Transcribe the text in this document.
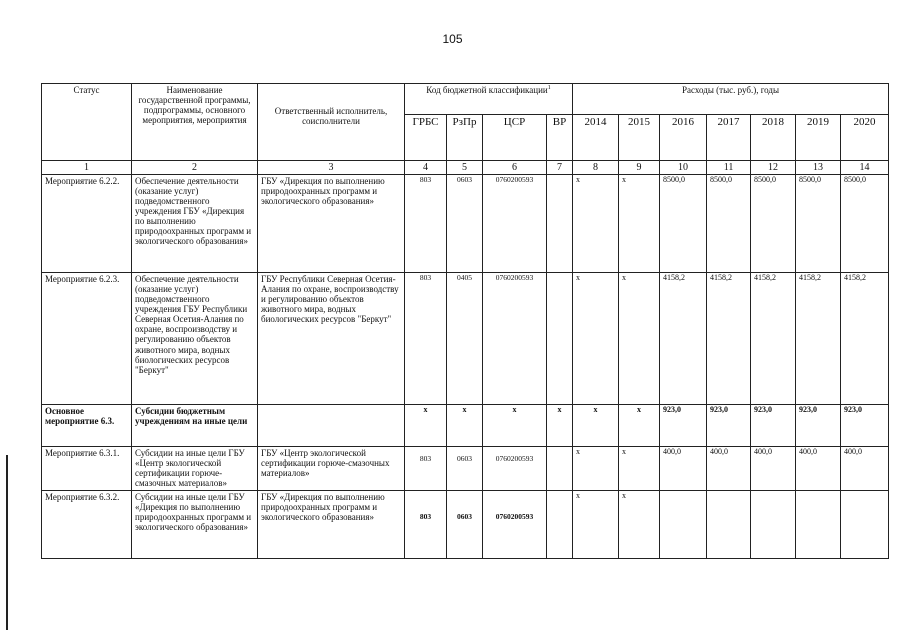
105
Статус	Наименование государственной программы, подпрограммы, основного мероприятия, мероприятия	Ответственный исполнитель, соисполнители	Код бюджетной классификации$^1$				Расходы (тыс. руб.), годы						
			ГРБС	РзПр	ЦСР	ВР	2014	2015	2016	2017	2018	2019	2020
1	2	3	4	5	6	7	8	9	10	11	12	13	14
Мероприятие 6.2.2.	Обеспечение деятельности (оказание услуг) подведомственного учреждения ГБУ «Дирекция по выполнению природоохранных программ и экологического образования»	ГБУ «Дирекция по выполнению природоохранных программ и экологического образования»	803	0603	0760200593		x	x	8500,0	8500,0	8500,0	8500,0	8500,0
Мероприятие 6.2.3.	Обеспечение деятельности (оказание услуг) подведомственного учреждения ГБУ Республики Северная Осетия-Алания по охране, воспроизводству и регулированию объектов животного мира, водных биологических ресурсов "Беркут"	ГБУ Республики Северная Осетия-Алания по охране, воспроизводству и регулированию объектов животного мира, водных биологических ресурсов "Беркут"	803	0405	0760200593		x	x	4158,2	4158,2	4158,2	4158,2	4158,2
Основное мероприятие 6.3.	Субсидии бюджетным учреждениям на иные цели		x	x	x	x	x	x	923,0	923,0	923,0	923,0	923,0
Мероприятие 6.3.1.	Субсидии на иные цели ГБУ «Центр экологической сертификации горюче-смазочных материалов»	ГБУ «Центр экологической сертификации горюче-смазочных материалов»	803	0603	0760200593		x	x	400,0	400,0	400,0	400,0	400,0
Мероприятие 6.3.2.	Субсидии на иные цели ГБУ «Дирекция по выполнению природоохранных программ и экологического образования»	ГБУ «Дирекция по выполнению природоохранных программ и экологического образования»	803	0603	0760200593		x	x					
